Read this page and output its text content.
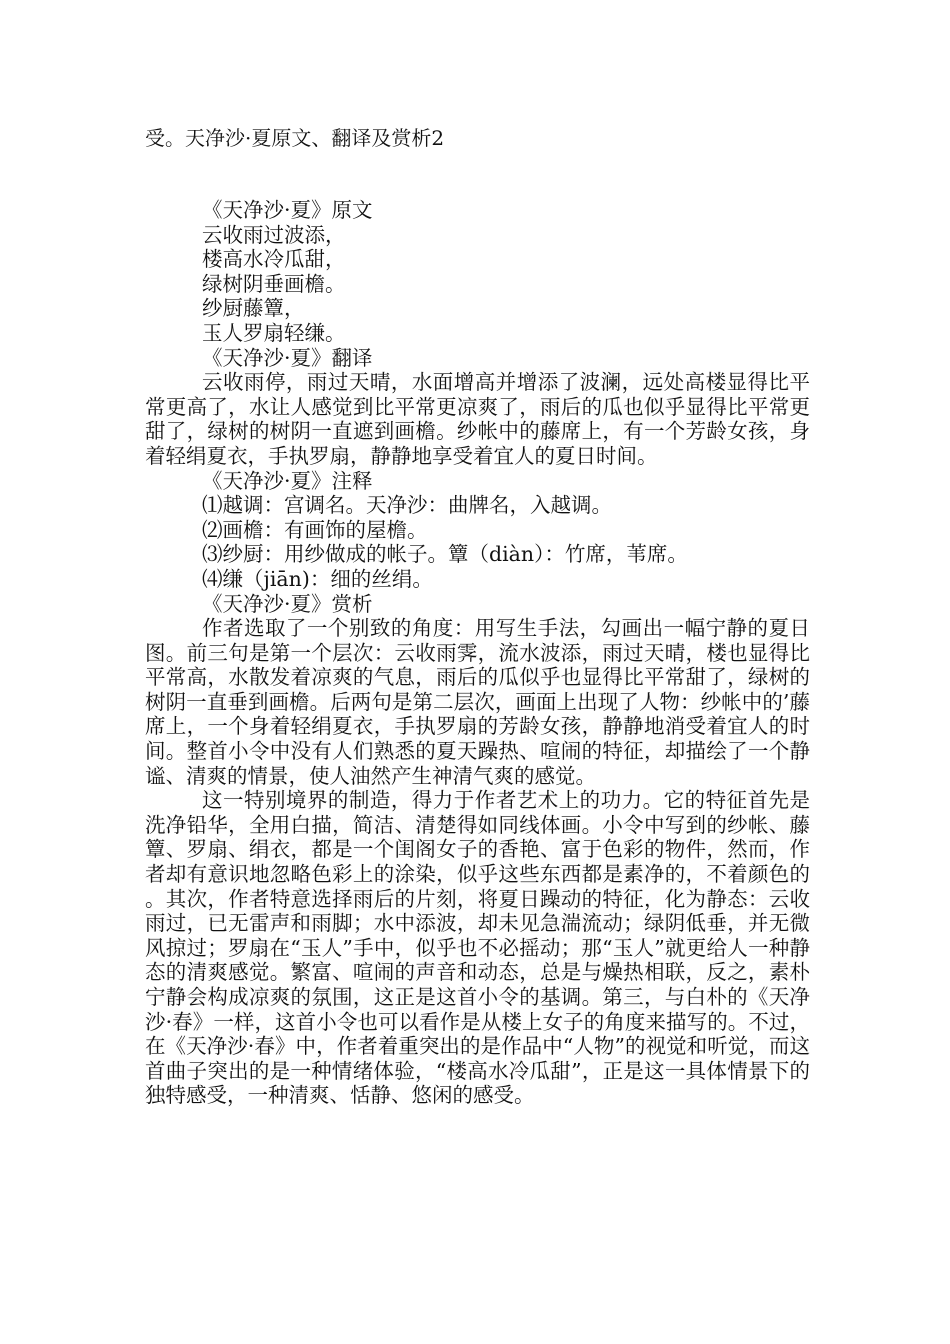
受。天净沙·夏原文、翻译及赏析2

《天净沙·夏》原文

云收雨过波添，

楼高水冷瓜甜，

绿树阴垂画檐。

纱厨藤簟，

玉人罗扇轻缣。

《天净沙·夏》翻译

云收雨停，雨过天晴，水面增高并增添了波澜，远处高楼显得比平常更高了，水让人感觉到比平常更凉爽了，雨后的瓜也似乎显得比平常更甜了，绿树的树阴一直遮到画檐。纱帐中的藤席上，有一个芳龄女孩，身着轻绢夏衣，手执罗扇，静静地享受着宜人的夏日时间。

《天净沙·夏》注释

⑴越调：宫调名。天净沙：曲牌名，入越调。

⑵画檐：有画饰的屋檐。

⑶纱厨：用纱做成的帐子。簟（diàn）：竹席，苇席。

⑷缣（jiān)：细的丝绢。

《天净沙·夏》赏析

作者选取了一个别致的角度：用写生手法，勾画出一幅宁静的夏日图。前三句是第一个层次：云收雨霁，流水波添，雨过天晴，楼也显得比平常高，水散发着凉爽的气息，雨后的瓜似乎也显得比平常甜了，绿树的树阴一直垂到画檐。后两句是第二层次，画面上出现了人物：纱帐中的’藤席上，一个身着轻绢夏衣，手执罗扇的芳龄女孩，静静地消受着宜人的时间。整首小令中没有人们熟悉的夏天躁热、喧闹的特征，却描绘了一个静谧、清爽的情景，使人油然产生神清气爽的感觉。

这一特别境界的制造，得力于作者艺术上的功力。它的特征首先是洗净铅华，全用白描，简洁、清楚得如同线体画。小令中写到的纱帐、藤簟、罗扇、绢衣，都是一个闺阁女子的香艳、富于色彩的物件，然而，作者却有意识地忽略色彩上的涂染，似乎这些东西都是素净的，不着颜色的。其次，作者特意选择雨后的片刻，将夏日躁动的特征，化为静态：云收雨过，已无雷声和雨脚；水中添波，却未见急湍流动；绿阴低垂，并无微风掠过；罗扇在“玉人”手中，似乎也不必摇动；那“玉人”就更给人一种静态的清爽感觉。繁富、喧闹的声音和动态，总是与燥热相联，反之，素朴宁静会构成凉爽的氛围，这正是这首小令的基调。第三，与白朴的《天净沙·春》一样，这首小令也可以看作是从楼上女子的角度来描写的。不过，在《天净沙·春》中，作者着重突出的是作品中“人物”的视觉和听觉，而这首曲子突出的是一种情绪体验，“楼高水冷瓜甜”，正是这一具体情景下的独特感受，一种清爽、恬静、悠闲的感受。
